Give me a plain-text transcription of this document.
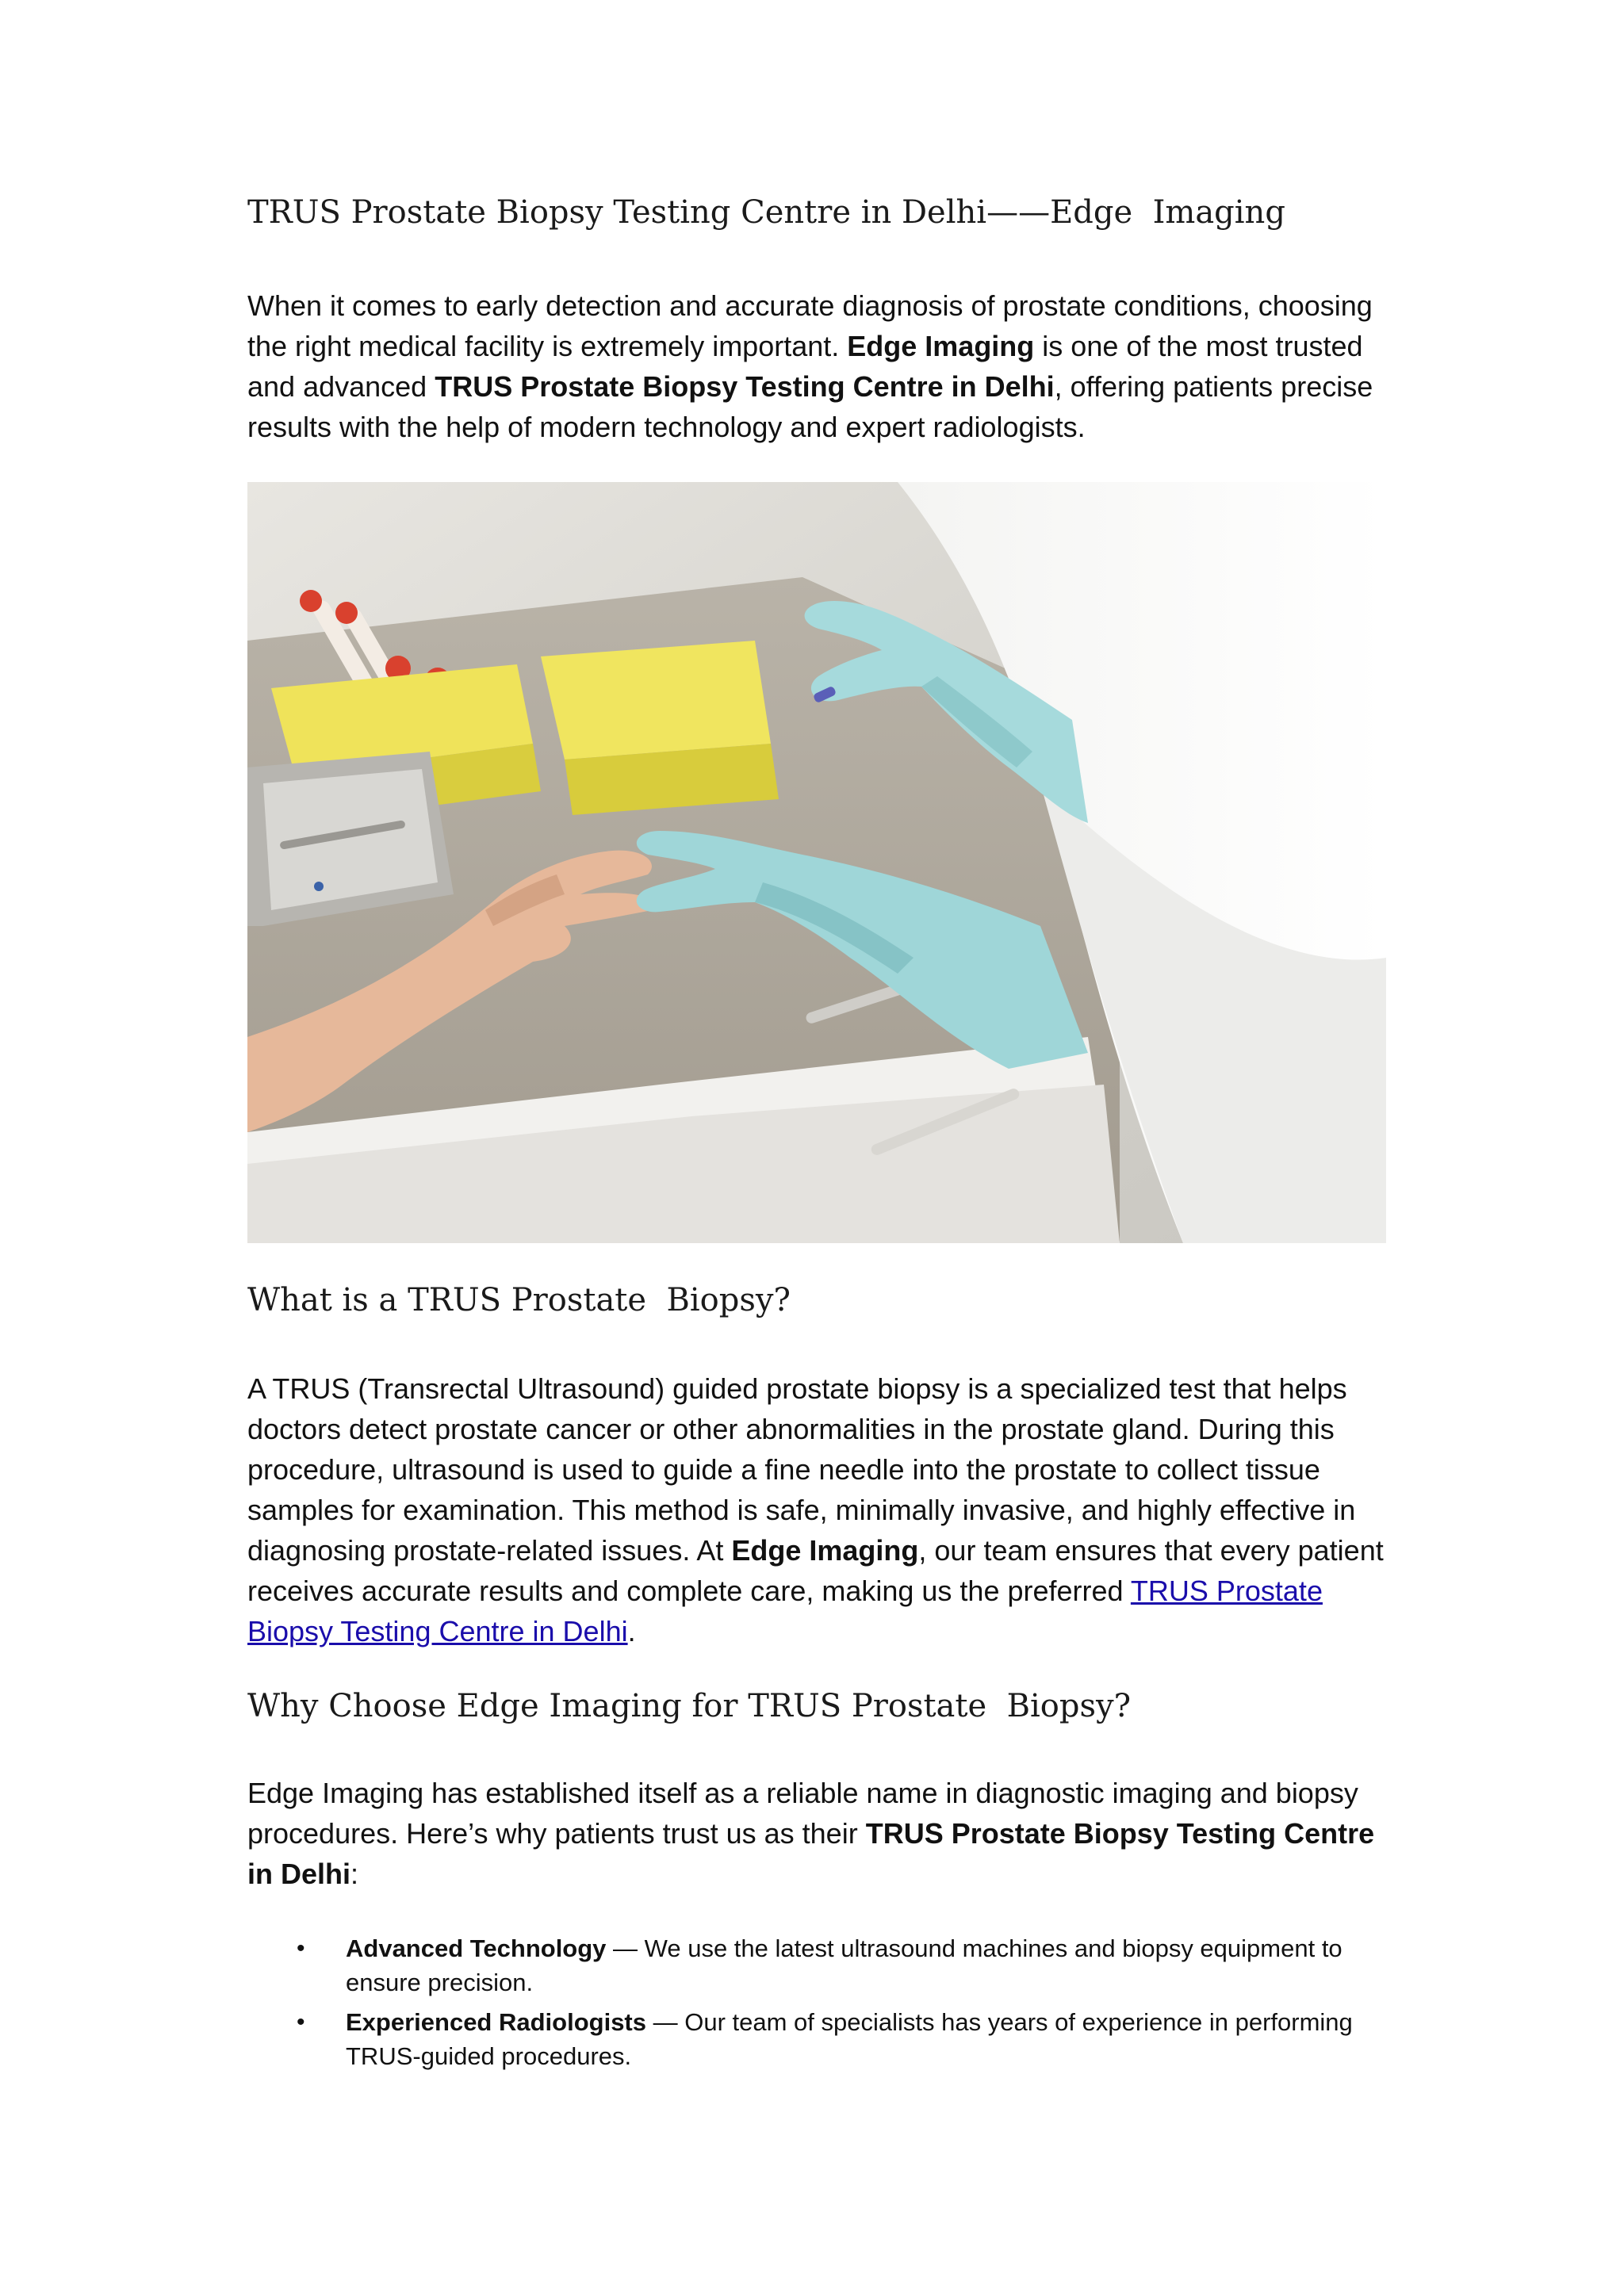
TRUS Prostate Biopsy Testing Centre in Delhi——Edge  Imaging

When it comes to early detection and accurate diagnosis of prostate conditions, choosing the right medical facility is extremely important. Edge Imaging is one of the most trusted and advanced TRUS Prostate Biopsy Testing Centre in Delhi, offering patients precise results with the help of modern technology and expert radiologists.

What is a TRUS Prostate  Biopsy?

A TRUS (Transrectal Ultrasound) guided prostate biopsy is a specialized test that helps doctors detect prostate cancer or other abnormalities in the prostate gland. During this procedure, ultrasound is used to guide a fine needle into the prostate to collect tissue samples for examination. This method is safe, minimally invasive, and highly effective in diagnosing prostate-related issues. At Edge Imaging, our team ensures that every patient receives accurate results and complete care, making us the preferred TRUS Prostate Biopsy Testing Centre in Delhi.

Why Choose Edge Imaging for TRUS Prostate  Biopsy?

Edge Imaging has established itself as a reliable name in diagnostic imaging and biopsy procedures. Here’s why patients trust us as their TRUS Prostate Biopsy Testing Centre in Delhi:

• Advanced Technology — We use the latest ultrasound machines and biopsy equipment to ensure precision.
• Experienced Radiologists — Our team of specialists has years of experience in performing TRUS-guided procedures.
